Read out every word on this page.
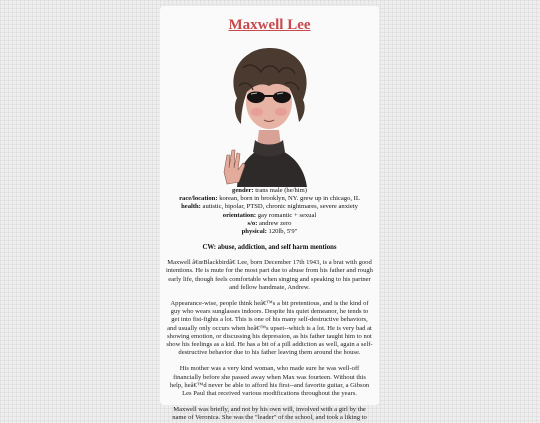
Maxwell Lee
gender: trans male (he/him)
race/location: korean, born in brooklyn, NY. grew up in chicago, IL
health: autistic, bipolar, PTSD, chronic nightmares, severe anxiety
orientation: gay romantic + sexual
s/o: andrew zero
physical: 120lb, 5'9"
CW: abuse, addiction, and self harm mentions

Maxwell â€œBlackbirdâ€ Lee, born December 17th 1943, is a brat with good intentions. He is mute for the most part due to abuse from his father and rough early life, though feels comfortable when singing and speaking to his partner and fellow bandmate, Andrew.

Appearance-wise, people think heâ€™s a bit pretentious, and is the kind of guy who wears sunglasses indoors. Despite his quiet demeanor, he tends to get into fist-fights a lot. This is one of his many self-destructive behaviors, and usually only occurs when heâ€™s upset--which is a lot. He is very bad at showing emotion, or discussing his depression, as his father taught him to not show his feelings as a kid. He has a bit of a pill addiction as well, again a self-destructive behavior due to his father leaving them around the house.

His mother was a very kind woman, who made sure he was well-off financially before she passed away when Max was fourteen. Without this help, heâ€™d never be able to afford his first--and favorite guitar, a Gibson Les Paul that received various modifications throughout the years.

Maxwell was briefly, and not by his own will, involved with a girl by the name of Veronica. She was the "leader" of the school, and took a liking to
